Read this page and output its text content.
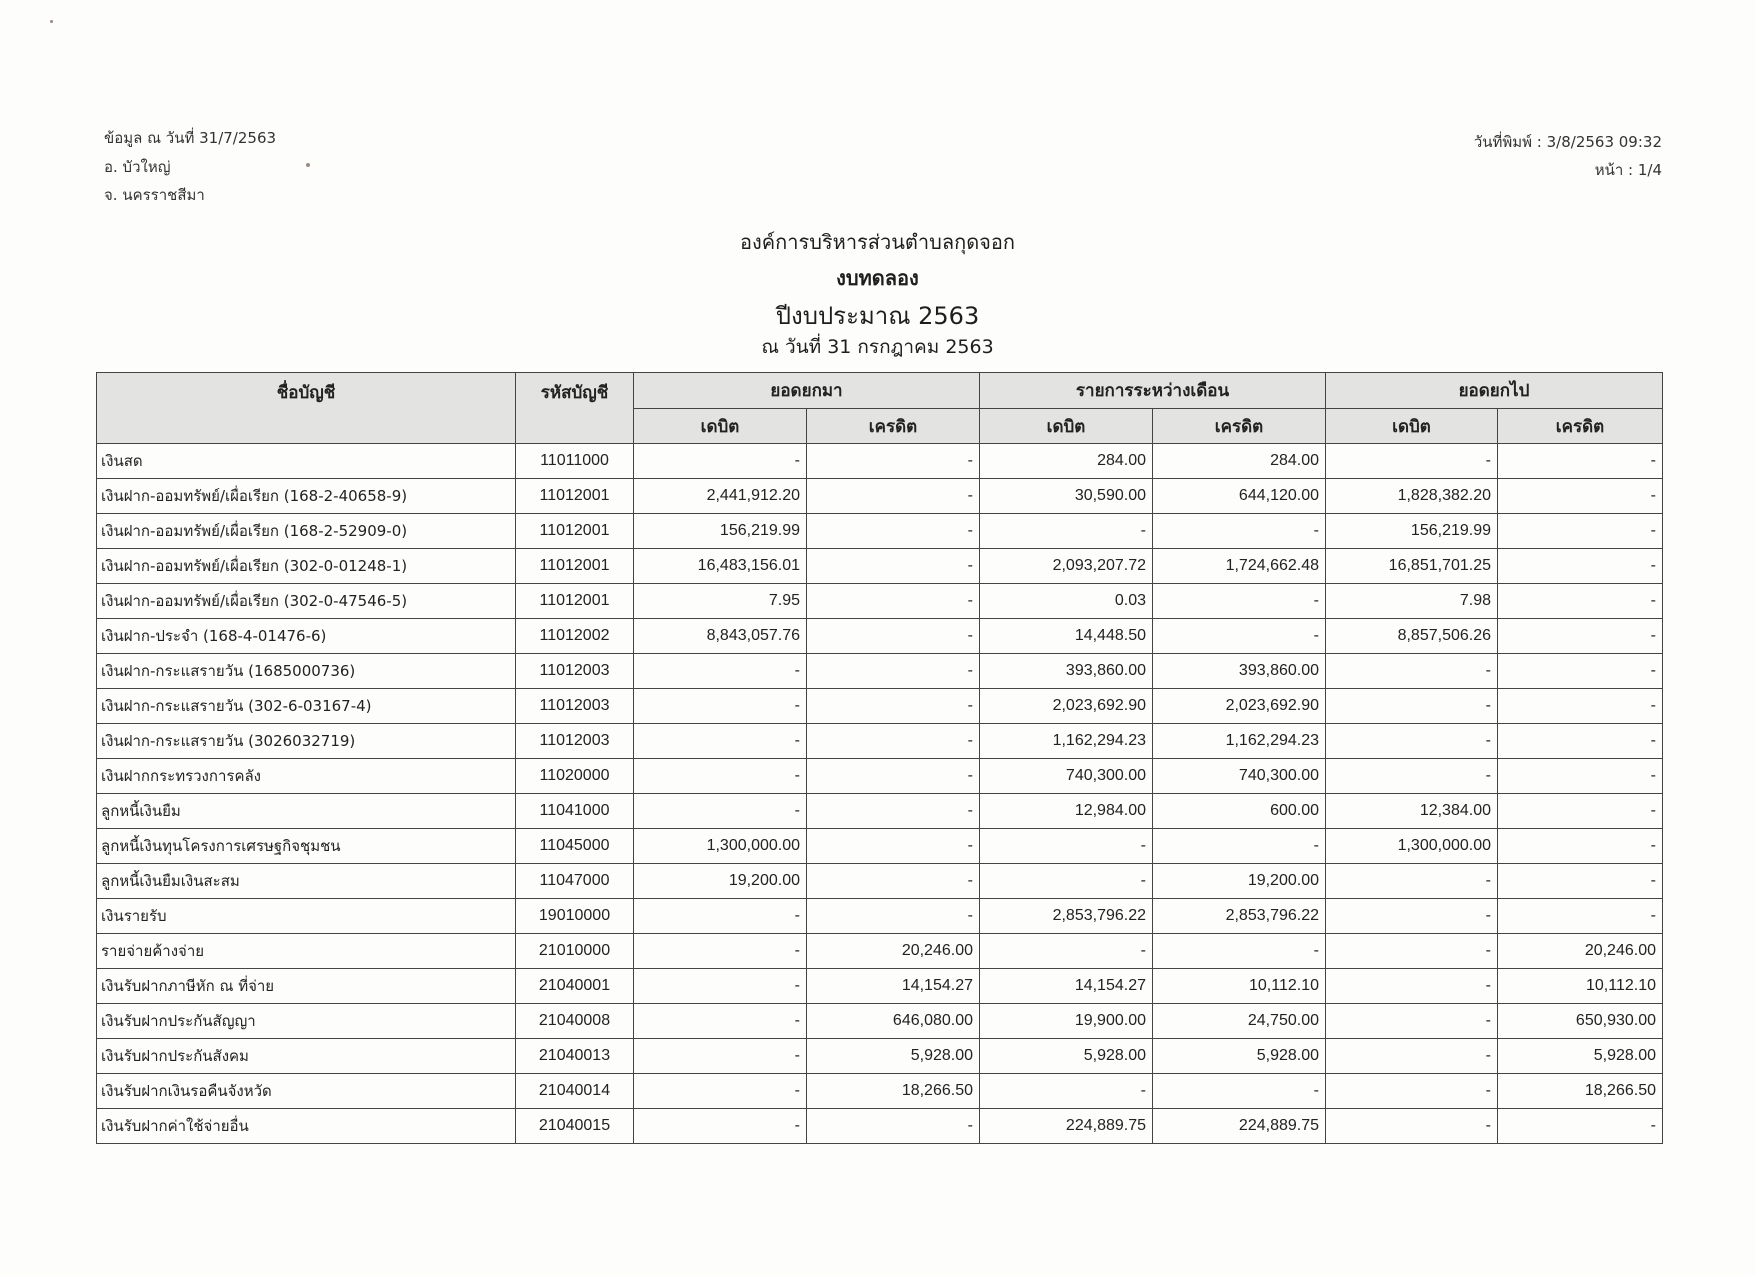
ข้อมูล ณ วันที่ 31/7/2563
อ. บัวใหญ่
จ. นครราชสีมา
วันที่พิมพ์ : 3/8/2563 09:32
หน้า : 1/4
องค์การบริหารส่วนตำบลกุดจอก
งบทดลอง
ปีงบประมาณ 2563
ณ วันที่ 31 กรกฎาคม 2563
ชื่อบัญชี	รหัสบัญชี	ยอดยกมา		รายการระหว่างเดือน		ยอดยกไป	
		เดบิต	เครดิต	เดบิต	เครดิต	เดบิต	เครดิต
เงินสด	11011000	-	-	284.00	284.00	-	-
เงินฝาก-ออมทรัพย์/เผื่อเรียก (168-2-40658-9)	11012001	2,441,912.20	-	30,590.00	644,120.00	1,828,382.20	-
เงินฝาก-ออมทรัพย์/เผื่อเรียก (168-2-52909-0)	11012001	156,219.99	-	-	-	156,219.99	-
เงินฝาก-ออมทรัพย์/เผื่อเรียก (302-0-01248-1)	11012001	16,483,156.01	-	2,093,207.72	1,724,662.48	16,851,701.25	-
เงินฝาก-ออมทรัพย์/เผื่อเรียก (302-0-47546-5)	11012001	7.95	-	0.03	-	7.98	-
เงินฝาก-ประจำ (168-4-01476-6)	11012002	8,843,057.76	-	14,448.50	-	8,857,506.26	-
เงินฝาก-กระแสรายวัน (1685000736)	11012003	-	-	393,860.00	393,860.00	-	-
เงินฝาก-กระแสรายวัน (302-6-03167-4)	11012003	-	-	2,023,692.90	2,023,692.90	-	-
เงินฝาก-กระแสรายวัน (3026032719)	11012003	-	-	1,162,294.23	1,162,294.23	-	-
เงินฝากกระทรวงการคลัง	11020000	-	-	740,300.00	740,300.00	-	-
ลูกหนี้เงินยืม	11041000	-	-	12,984.00	600.00	12,384.00	-
ลูกหนี้เงินทุนโครงการเศรษฐกิจชุมชน	11045000	1,300,000.00	-	-	-	1,300,000.00	-
ลูกหนี้เงินยืมเงินสะสม	11047000	19,200.00	-	-	19,200.00	-	-
เงินรายรับ	19010000	-	-	2,853,796.22	2,853,796.22	-	-
รายจ่ายค้างจ่าย	21010000	-	20,246.00	-	-	-	20,246.00
เงินรับฝากภาษีหัก ณ ที่จ่าย	21040001	-	14,154.27	14,154.27	10,112.10	-	10,112.10
เงินรับฝากประกันสัญญา	21040008	-	646,080.00	19,900.00	24,750.00	-	650,930.00
เงินรับฝากประกันสังคม	21040013	-	5,928.00	5,928.00	5,928.00	-	5,928.00
เงินรับฝากเงินรอคืนจังหวัด	21040014	-	18,266.50	-	-	-	18,266.50
เงินรับฝากค่าใช้จ่ายอื่น	21040015	-	-	224,889.75	224,889.75	-	-
